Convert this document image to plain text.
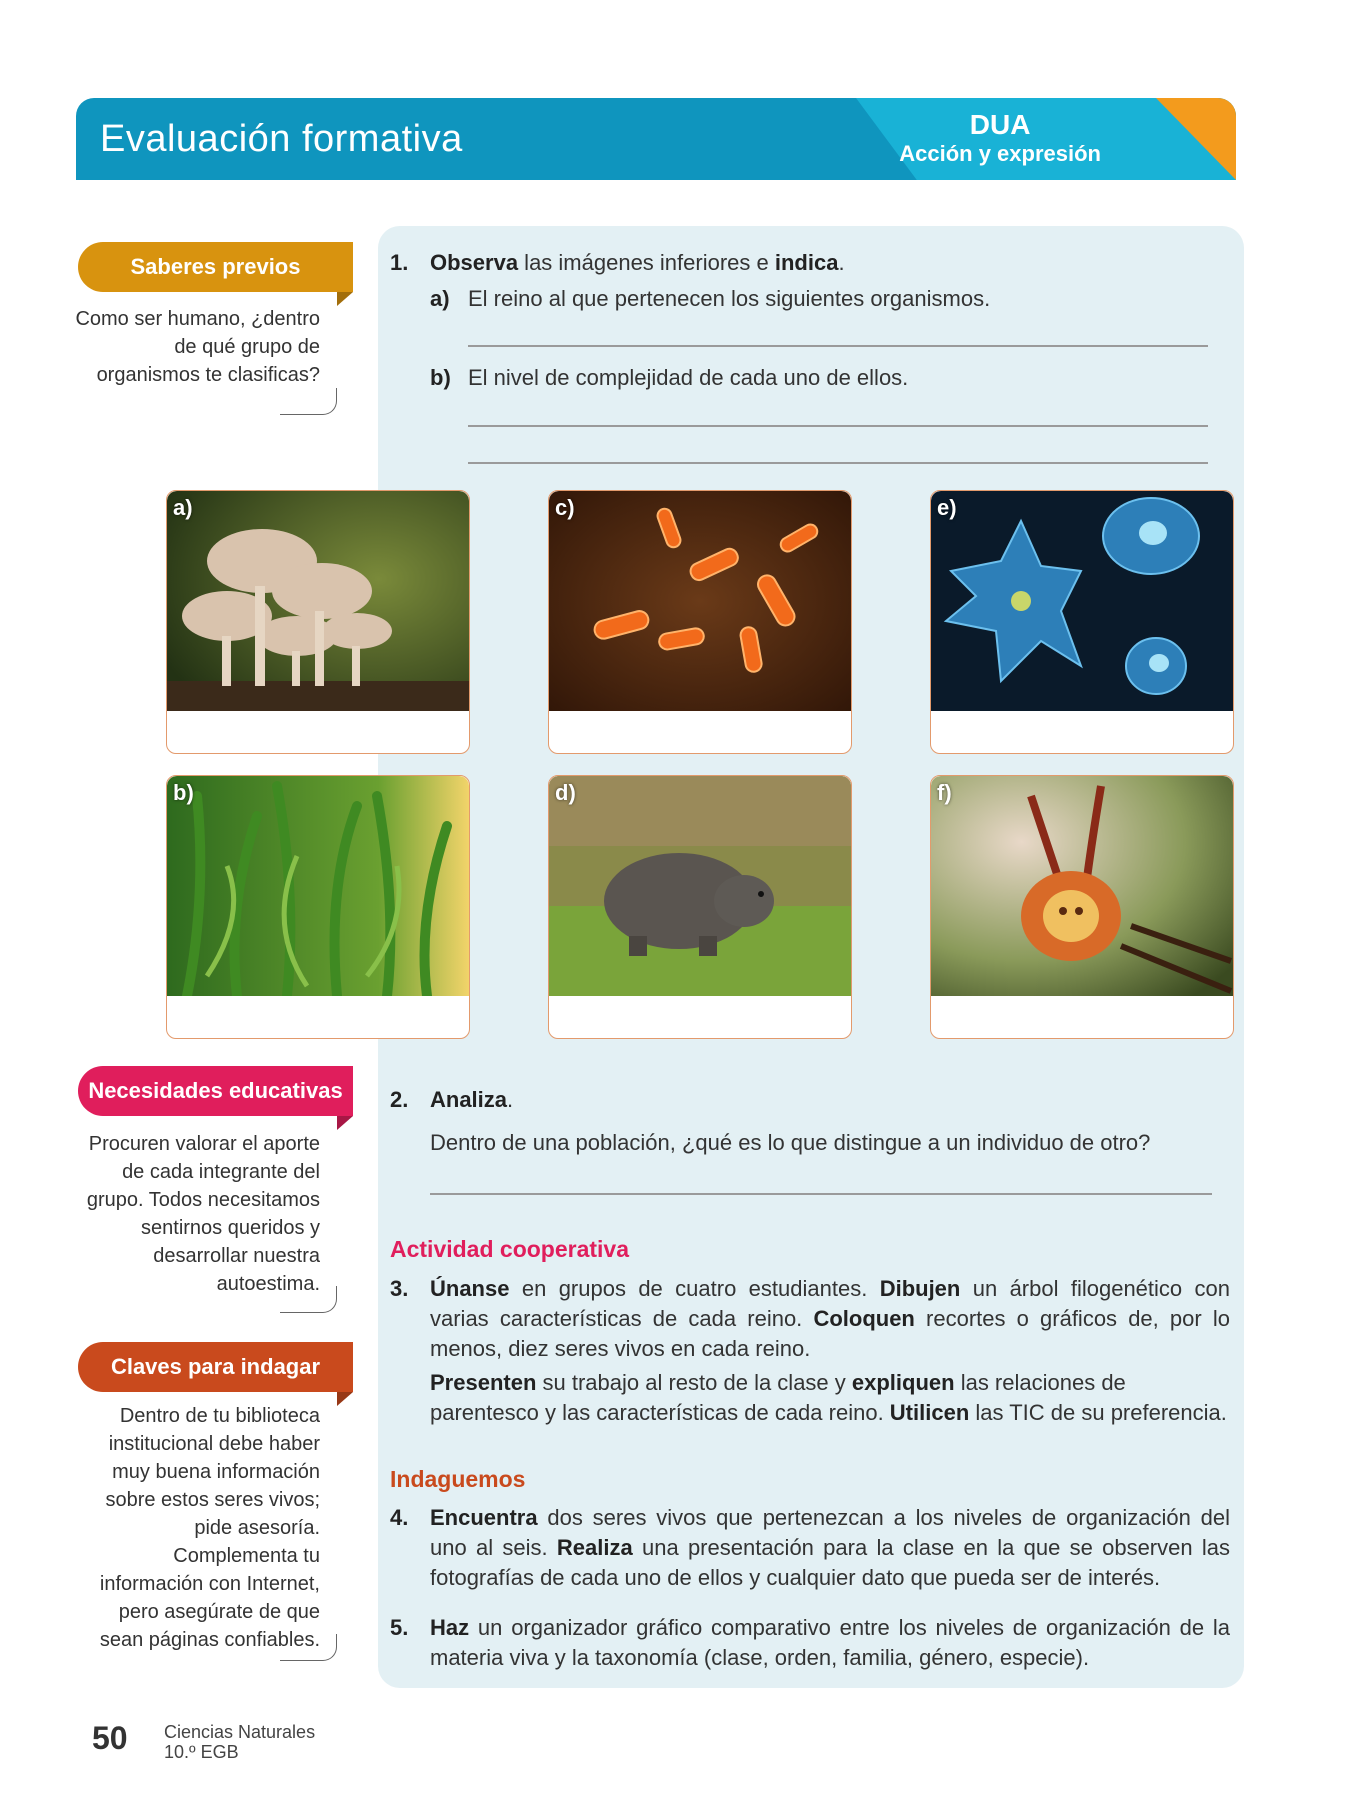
Evaluación formativa	DUA
Acción y expresión
Saberes previos
Como ser humano, ¿dentro de qué grupo de organismos te clasificas?
1. Observa las imágenes inferiores e indica.
a) El reino al que pertenecen los siguientes organismos.
b) El nivel de complejidad de cada uno de ellos.
a)	c)	e)
b)	d)	f)
Necesidades educativas
Procuren valorar el aporte de cada integrante del grupo. Todos necesitamos sentirnos queridos y desarrollar nuestra autoestima.
2. Analiza.
Dentro de una población, ¿qué es lo que distingue a un individuo de otro?
Actividad cooperativa
3. Únanse en grupos de cuatro estudiantes. Dibujen un árbol filogenético con varias características de cada reino. Coloquen recortes o gráficos de, por lo menos, diez seres vivos en cada reino.
Presenten su trabajo al resto de la clase y expliquen las relaciones de parentesco y las características de cada reino. Utilicen las TIC de su preferencia.
Claves para indagar
Dentro de tu biblioteca institucional debe haber muy buena información sobre estos seres vivos; pide asesoría. Complementa tu información con Internet, pero asegúrate de que sean páginas confiables.
Indaguemos
4. Encuentra dos seres vivos que pertenezcan a los niveles de organización del uno al seis. Realiza una presentación para la clase en la que se observen las fotografías de cada uno de ellos y cualquier dato que pueda ser de interés.
5. Haz un organizador gráfico comparativo entre los niveles de organización de la materia viva y la taxonomía (clase, orden, familia, género, especie).
50 Ciencias Naturales
10.º EGB
